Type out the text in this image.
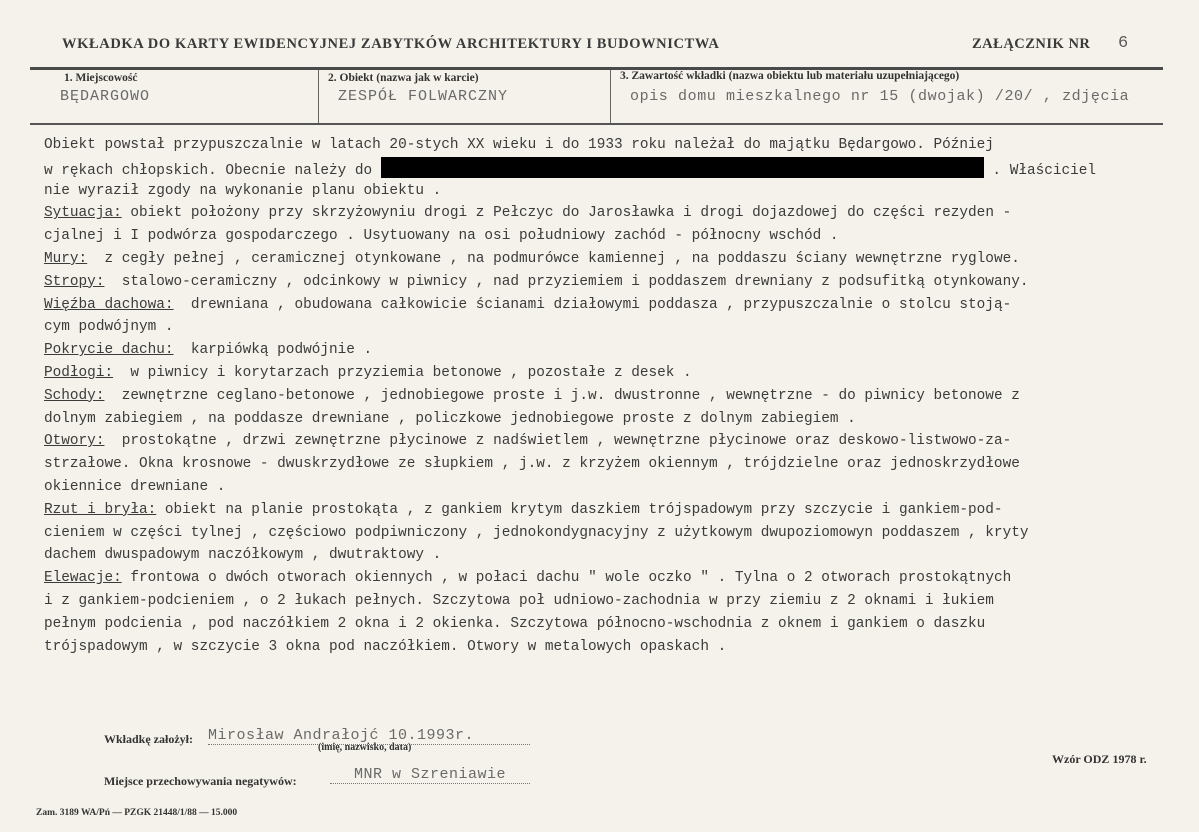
WKŁADKA DO KARTY EWIDENCYJNEJ ZABYTKÓW ARCHITEKTURY I BUDOWNICTWA	ZAŁĄCZNIK NR 6
1. Miejscowość
BĘDARGOWO
2. Obiekt (nazwa jak w karcie)
ZESPÓŁ FOLWARCZNY
3. Zawartość wkładki (nazwa obiektu lub materiału uzupełniającego)
opis domu mieszkalnego nr 15 (dwojak) /20/ , zdjęcia
Obiekt powstał przypuszczalnie w latach 20-stych XX wieku i do 1933 roku należał do majątku Będargowo. Później
w rękach chłopskich. Obecnie należy do	. Właściciel
nie wyraził zgody na wykonanie planu obiektu .
Sytuacja: obiekt położony przy skrzyżowyniu drogi z Pełczyc do Jarosławka i drogi dojazdowej do części rezyden -
cjalnej i I podwórza gospodarczego . Usytuowany na osi południowy zachód - północny wschód .
Mury:  z cegły pełnej , ceramicznej otynkowane , na podmurówce kamiennej , na poddaszu ściany wewnętrzne ryglowe.
Stropy:  stalowo-ceramiczny , odcinkowy w piwnicy , nad przyziemiem i poddaszem drewniany z podsufitką otynkowany.
Więźba dachowa:  drewniana , obudowana całkowicie ścianami działowymi poddasza , przypuszczalnie o stolcu stoją-
cym podwójnym .
Pokrycie dachu:  karpiówką podwójnie .
Podłogi:  w piwnicy i korytarzach przyziemia betonowe , pozostałe z desek .
Schody:  zewnętrzne ceglano-betonowe , jednobiegowe proste i j.w. dwustronne , wewnętrzne - do piwnicy betonowe z
dolnym zabiegiem , na poddasze drewniane , policzkowe jednobiegowe proste z dolnym zabiegiem .
Otwory:  prostokątne , drzwi zewnętrzne płycinowe z nadświetlem , wewnętrzne płycinowe oraz deskowo-listwowo-za-
strzałowe. Okna krosnowe - dwuskrzydłowe ze słupkiem , j.w. z krzyżem okiennym , trójdzielne oraz jednoskrzydłowe
okiennice drewniane .
Rzut i bryła: obiekt na planie prostokąta , z gankiem krytym daszkiem trójspadowym przy szczycie i gankiem-pod-
cieniem w części tylnej , częściowo podpiwniczony , jednokondygnacyjny z użytkowym dwupoziomowyn poddaszem , kryty
dachem dwuspadowym naczółkowym , dwutraktowy .
Elewacje: frontowa o dwóch otworach okiennych , w połaci dachu " wole oczko " . Tylna o 2 otworach prostokątnych
i z gankiem-podcieniem , o 2 łukach pełnych. Szczytowa poł udniowo-zachodnia w przy ziemiu z 2 oknami i łukiem
pełnym podcienia , pod naczółkiem 2 okna i 2 okienka. Szczytowa północno-wschodnia z oknem i gankiem o daszku
trójspadowym , w szczycie 3 okna pod naczółkiem. Otwory w metalowych opaskach .
Wkładkę założył: Mirosław Andrałojć 10.1993r.
(imię, nazwisko, data)
Wzór ODZ 1978 r.
Miejsce przechowywania negatywów:	MNR w Szreniawie
Zam. 3189 WA/Pń — PZGK 21448/1/88 — 15.000
